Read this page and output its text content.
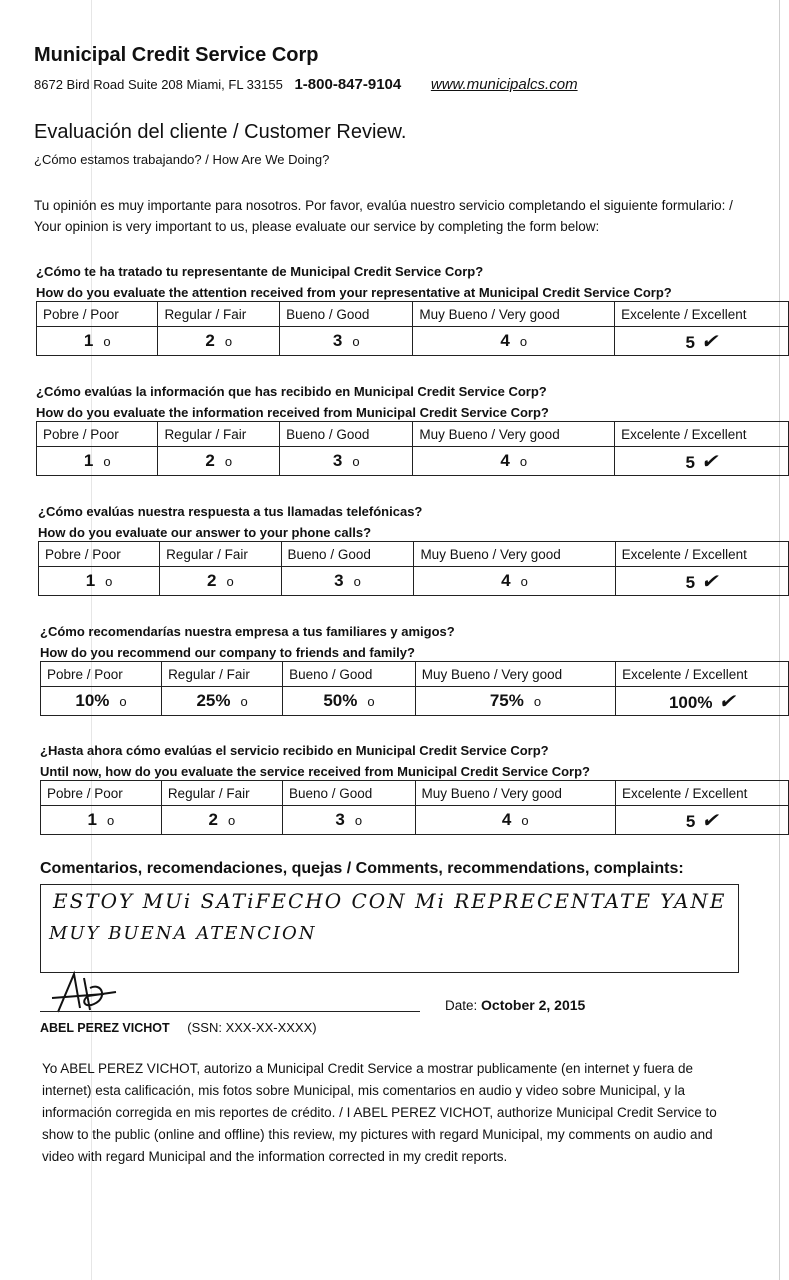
Municipal Credit Service Corp
8672 Bird Road Suite 208 Miami, FL 33155 1-800-847-9104 www.municipalcs.com
Evaluación del cliente / Customer Review.
¿Cómo estamos trabajando? / How Are We Doing?
Tu opinión es muy importante para nosotros. Por favor, evalúa nuestro servicio completando el siguiente formulario: / Your opinion is very important to us, please evaluate our service by completing the form below:
¿Cómo te ha tratado tu representante de Municipal Credit Service Corp?
How do you evaluate the attention received from your representative at Municipal Credit Service Corp?
Pobre / Poor	Regular / Fair	Bueno / Good	Muy Bueno / Very good	Excelente / Excellent
1 o	2 o	3 o	4 o	5 ✔
¿Cómo evalúas la información que has recibido en Municipal Credit Service Corp?
How do you evaluate the information received from Municipal Credit Service Corp?
Pobre / Poor	Regular / Fair	Bueno / Good	Muy Bueno / Very good	Excelente / Excellent
1 o	2 o	3 o	4 o	5 ✔
¿Cómo evalúas nuestra respuesta a tus llamadas telefónicas?
How do you evaluate our answer to your phone calls?
Pobre / Poor	Regular / Fair	Bueno / Good	Muy Bueno / Very good	Excelente / Excellent
1 o	2 o	3 o	4 o	5 ✔
¿Cómo recomendarías nuestra empresa a tus familiares y amigos?
How do you recommend our company to friends and family?
Pobre / Poor	Regular / Fair	Bueno / Good	Muy Bueno / Very good	Excelente / Excellent
10% o	25% o	50% o	75% o	100% ✔
¿Hasta ahora cómo evalúas el servicio recibido en Municipal Credit Service Corp?
Until now, how do you evaluate the service received from Municipal Credit Service Corp?
Pobre / Poor	Regular / Fair	Bueno / Good	Muy Bueno / Very good	Excelente / Excellent
1 o	2 o	3 o	4 o	5 ✔
Comentarios, recomendaciones, quejas / Comments, recommendations, complaints:
ESTOY MUi SATiFECHO CON Mi REPRECENTATE YANE
MUY BUENA ATENCION
Date: October 2, 2015
ABEL PEREZ VICHOT (SSN: XXX-XX-XXXX)
Yo ABEL PEREZ VICHOT, autorizo a Municipal Credit Service a mostrar publicamente (en internet y fuera de internet) esta calificación, mis fotos sobre Municipal, mis comentarios en audio y video sobre Municipal, y la información corregida en mis reportes de crédito. / I ABEL PEREZ VICHOT, authorize Municipal Credit Service to show to the public (online and offline) this review, my pictures with regard Municipal, my comments on audio and video with regard Municipal and the information corrected in my credit reports.
